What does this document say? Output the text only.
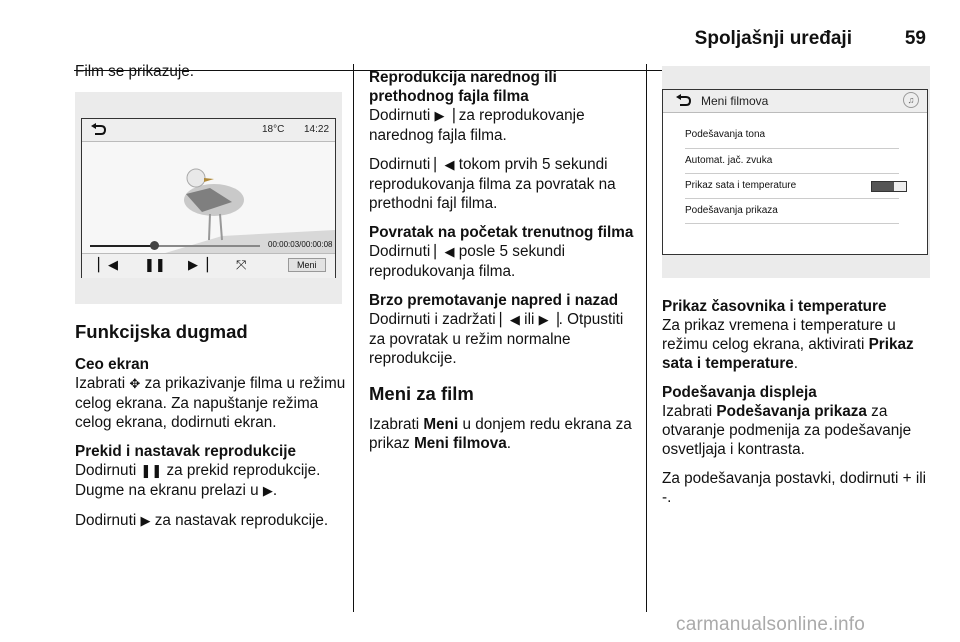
Spoljašnji uređaji	59

Film se prikazuje.

18°C 14:22
00:00:03/00:00:08
▏◀ ❚❚ ▶▕ ⤧	Meni
Funkcijska dugmad
Ceo ekran

Izabrati ✥ za prikazivanje filma u režimu celog ekrana. Za napuštanje režima celog ekrana, dodirnuti ekran.

Prekid i nastavak reprodukcije

Dodirnuti ❚❚ za prekid reprodukcije. Dugme na ekranu prelazi u ▶.

Dodirnuti ▶ za nastavak reprodukcije.

Reprodukcija narednog ili prethodnog fajla filma

Dodirnuti ▶▕ za reprodukovanje narednog fajla filma.

Dodirnuti ▏◀ tokom prvih 5 sekundi reprodukovanja filma za povratak na prethodni fajl filma.

Povratak na početak trenutnog filma

Dodirnuti ▏◀ posle 5 sekundi reprodukovanja filma.

Brzo premotavanje napred i nazad

Dodirnuti i zadržati ▏◀ ili ▶▕. Otpustiti za povratak u režim normalne reprodukcije.

Meni za film

Izabrati Meni u donjem redu ekrana za prikaz Meni filmova.

Meni filmova	♫
Podešavanja tona
Automat. jač. zvuka
Prikaz sata i temperature
Podešavanja prikaza
Prikaz časovnika i temperature

Za prikaz vremena i temperature u režimu celog ekrana, aktivirati Prikaz sata i temperature.

Podešavanja displeja

Izabrati Podešavanja prikaza za otvaranje podmenija za podešavanje osvetljaja i kontrasta.

Za podešavanja postavki, dodirnuti + ili -.

carmanualsonline.info
